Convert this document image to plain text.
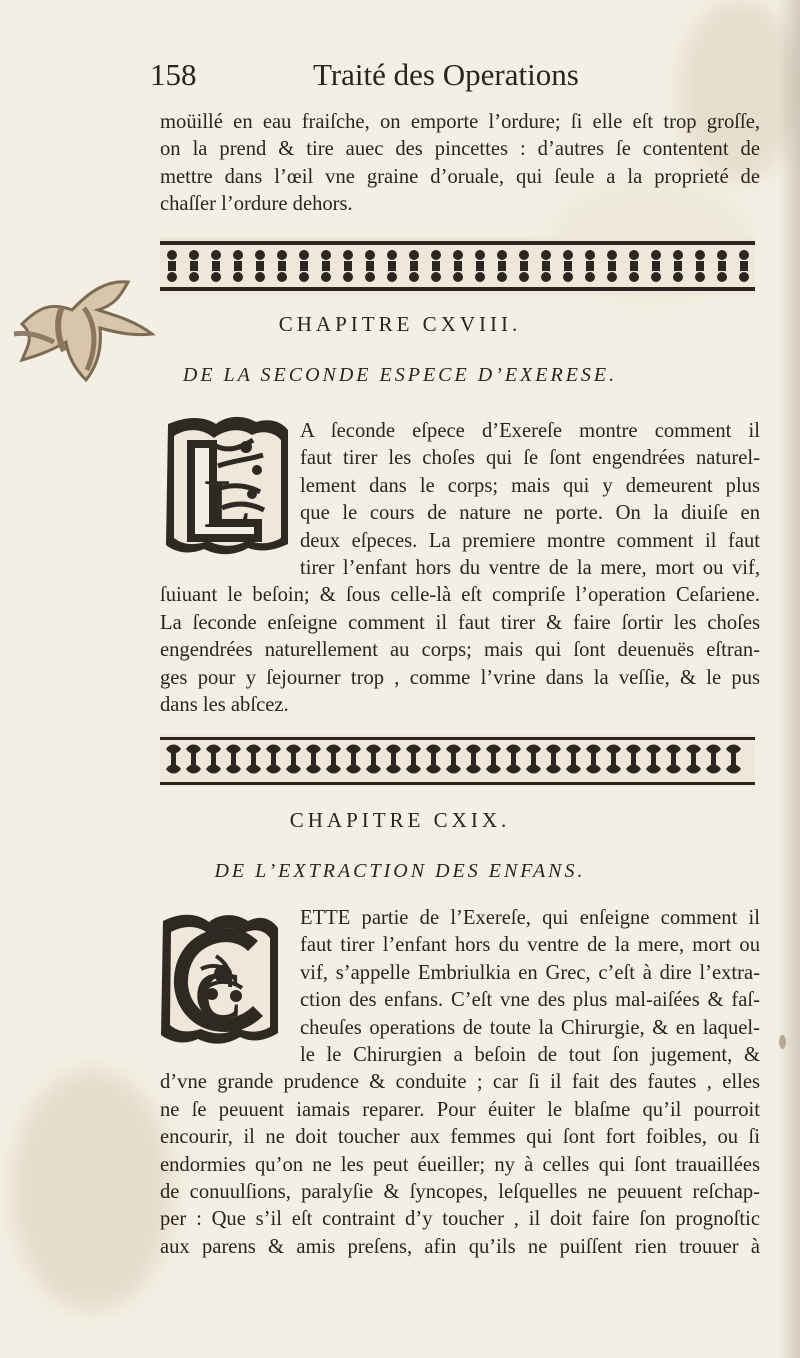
158	Traité des Operations
moüillé en eau fraiſche, on emporte l’ordure; ſi elle eſt trop groſſe,
on la prend & tire auec des pincettes : d’autres ſe contentent de
mettre dans l’œil vne graine d’oruale, qui ſeule a la proprieté de
chaſſer l’ordure dehors.
CHAPITRE CXVIII.
DE LA SECONDE ESPECE D’EXERESE.
L
A ſeconde eſpece d’Exereſe montre comment il
faut tirer les choſes qui ſe ſont engendrées naturel-
lement dans le corps; mais qui y demeurent plus
que le cours de nature ne porte. On la diuiſe en
deux eſpeces. La premiere montre comment il faut
tirer l’enfant hors du ventre de la mere, mort ou vif,
ſuiuant le beſoin; & ſous celle-là eſt compriſe l’operation Ceſariene.
La ſeconde enſeigne comment il faut tirer & faire ſortir les choſes
engendrées naturellement au corps; mais qui ſont deuenuës eſtran-
ges pour y ſejourner trop , comme l’vrine dans la veſſie, & le pus
dans les abſcez.
CHAPITRE CXIX.
DE L’EXTRACTION DES ENFANS.
C
ETTE partie de l’Exereſe, qui enſeigne comment il
faut tirer l’enfant hors du ventre de la mere, mort ou
vif, s’appelle Embriulkia en Grec, c’eſt à dire l’extra-
ction des enfans. C’eſt vne des plus mal-aiſées & faſ-
cheuſes operations de toute la Chirurgie, & en laquel-
le le Chirurgien a beſoin de tout ſon jugement, &
d’vne grande prudence & conduite ; car ſi il fait des fautes , elles
ne ſe peuuent iamais reparer. Pour éuiter le blaſme qu’il pourroit
encourir, il ne doit toucher aux femmes qui ſont fort foibles, ou ſi
endormies qu’on ne les peut éueiller; ny à celles qui ſont trauaillées
de conuulſions, paralyſie & ſyncopes, leſquelles ne peuuent reſchap-
per : Que s’il eſt contraint d’y toucher , il doit faire ſon prognoſtic
aux parens & amis preſens, afin qu’ils ne puiſſent rien trouuer à
